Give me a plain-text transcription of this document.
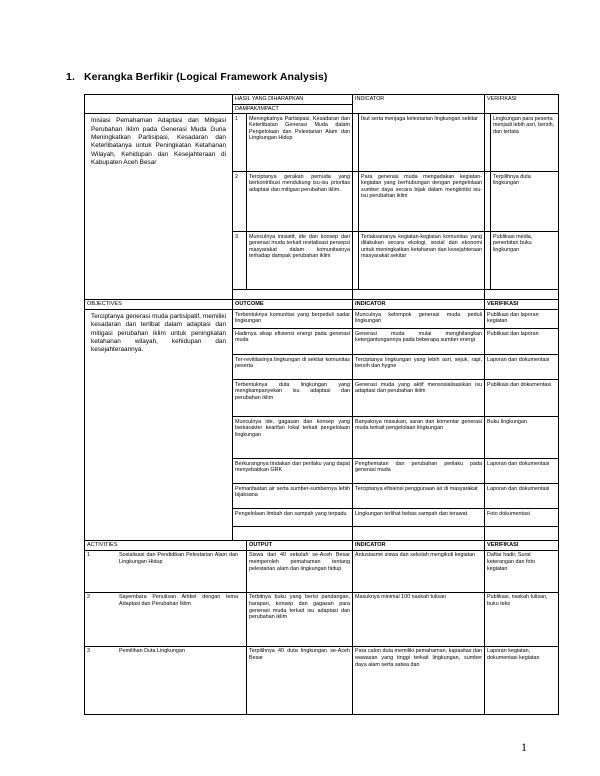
1. Kerangka Berfikir (Logical Framework Analysis)
	HASIL YANG DIHARAPKAN		INDICATOR		VERIFIKASI	
	DAMPAK/IMPACT					
Inisiasi Pemahaman Adaptasi dan Mitigasi Perubahan Iklim pada Generasi Muda Guna Meningkatkan Partisipasi, Kesadaran dan Keterlibatanya untuk Peningkatan Ketahanan Wilayah, Kehidupan dan Kesejahteraan di Kabupaten Aceh Besar	1	Meningkatnya Partisipasi, Kesadaran dan Keterlibatan Generasi Muda dalam Pengelolaan dan Pelestarian Alam dan Lingkungan Hidup		Ikut serta menjaga kelestarian lingkungan sekitar		Lingkungan para peserta menjadi lebih asri, bersih, dan tertata
	2	Terciptanya gerakan pemuda yang berkontribusi mendukung isu-isu prioritas adaptasi dan mitigasi perubahan iklim.		Para generasi muda mengadakan kegiatan-kegiatan yang berhubungan dengan pengelolaan sumber daya secara bijak dalam mengkritisi isu-isu perubahan iklim		Terpilihnya duta lingkungan
	3	Munculnya inisiatif, ide dan konsep dari generasi muda terkait revitalisasi persepsi masyarakat dalam komunitasnya terhadap dampak perubahan iklim		Terlaksananya kegiatan-kegiatan komunitas yang dilakukan secara ekologi, sosial dan ekonomi untuk meningkatkan ketahanan dan kesejahteraan masyarakat sekitar		Publikasi media, penerbitan buku lingkungan

OBJECTIVES	OUTCOME		INDICATOR		VERIFIKASI	
Terciptanya generasi muda partisipatif, memiliki kesadaran dan terlibat dalam adaptasi dan mitigasi perubahan iklim untuk peningkatan ketahanan wilayah, kehidupan dan kesejahteraannya.	Terbentuknya komunitas yang berpeduli sadar lingkungan		Munculnya kelompok generasi muda peduli lingkungan		Publikasi dan laporan kegiatan	
	Hadirnya sikap efisiensi energi pada generasi muda		Generasi muda mulai menghilangkan ketergantungannya pada beberapa sumber energi		Publikasi dan laporan	
	Ter-revitilasinya lingkungan di sekitar komunitas peserta		Terciptanya lingkungan yang lebih asri, sejuk, rapi, bersih dan hygne		Laporan dan dokumentasi	
	Terbentuknya duta lingkungan yang mengkampanyekan isu adaptasi dan perubahan iklim		Generasi muda yang aktif mensosialisasikan isu adaptasi dan perubahan iklim		Publikasi dan dokumentasi	
	Munculnya ide, gagasan dan konsep yang berkarakter kearifan lokal terkait pengelolaan lingkungan		Banyaknya masukan, saran dan komentar generasi muda terkait pengelolaan lingkungan		Buku lingkungan	
	Berkurangnya tindakan dan perilaku yang dapat menyebabkan GRK		Penghematan dan perubahan perilaku pada generasi muda		Laporan dan dokumentasi	
	Pemanfaatan air serta sumber-sumbernya lebih bijaksana		Terciptanya efisiensi penggunaan air di masyarakat		Laporan dan dokumentasi	
	Pengelolaan limbah dan sampah yang terpadu		Lingkungan terlihat bebas sampah dan terawat		Foto dokumentasi	

ACTIVITIES		OUTPUT	INDICATOR		VERIFIKASI	

1 Sosialisasi dan Pendidikan Pelestarian Alam dan Lingkungan Hidup		Siswa dari 40 sekolah se-Aceh Besar memperoleh pemahaman tentang pelestarian alam dan lingkungan hidup	Antusiasme siswa dan sekolah mengikuti kegiatan		Daftar hadir, Surat keterangan dan foto kegiatan	

2 Sayembara Penulisan Artikel dengan tema Adaptasi dan Perubahan Iklim		Terbitnya buku yang berisi pandangan, harapan, konsep dan gagasan para generasi muda terkait isu adaptasi dan perubahan iklim	Masuknya minimal 100 naskah tulisan		Publikasi, naskah tulisan, buku teks	

3 Pemilihan Duta Lingkungan		Terpilihnya 40 duta lingkungan se-Aceh Besar	Para calon duta memiliki pemahaman, kapasitas dan wawasan yang tinggi terkait lingkungan, sumber daya alam serta satwa dan		Laporan kegiatan, dokumentasi kegiatan	
1
